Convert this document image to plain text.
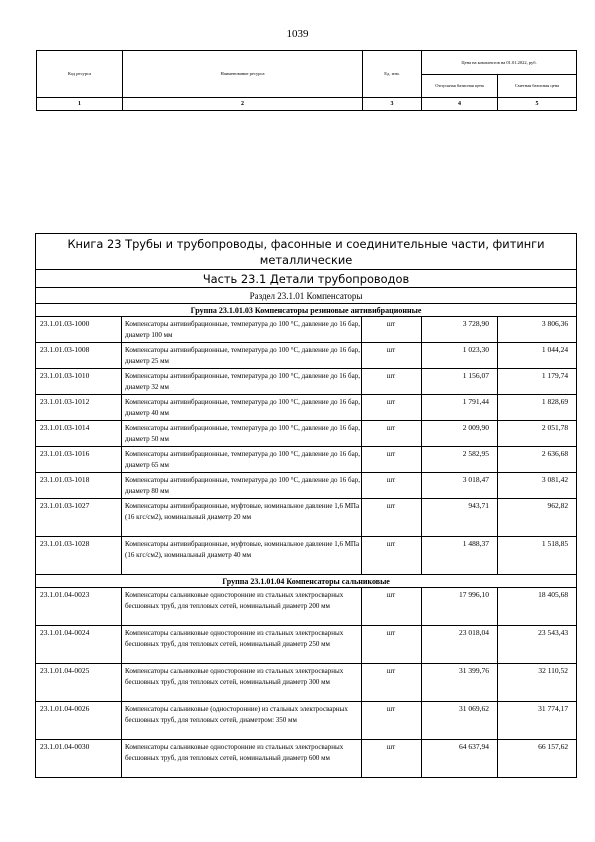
1039
Код ресурса	Наименование ресурса	Ед. изм.	Цена на комплектов на 01.01.2022, руб.	
			Отпускная базисная цена	Сметная базисная цена
1	2	3	4	5
Книга 23 Трубы и трубопроводы, фасонные и соединительные части, фитинги металлические				
Часть 23.1 Детали трубопроводов				
Раздел 23.1.01 Компенсаторы				
Группа 23.1.01.03 Компенсаторы резиновые антивибрационные				
23.1.01.03-1000	Компенсаторы антивибрационные, температура до 100 °С, давление до 16 бар, диаметр 100 мм	шт	3 728,90	3 806,36
23.1.01.03-1008	Компенсаторы антивибрационные, температура до 100 °С, давление до 16 бар, диаметр 25 мм	шт	1 023,30	1 044,24
23.1.01.03-1010	Компенсаторы антивибрационные, температура до 100 °С, давление до 16 бар, диаметр 32 мм	шт	1 156,07	1 179,74
23.1.01.03-1012	Компенсаторы антивибрационные, температура до 100 °С, давление до 16 бар, диаметр 40 мм	шт	1 791,44	1 828,69
23.1.01.03-1014	Компенсаторы антивибрационные, температура до 100 °С, давление до 16 бар, диаметр 50 мм	шт	2 009,90	2 051,78
23.1.01.03-1016	Компенсаторы антивибрационные, температура до 100 °С, давление до 16 бар, диаметр 65 мм	шт	2 582,95	2 636,68
23.1.01.03-1018	Компенсаторы антивибрационные, температура до 100 °С, давление до 16 бар, диаметр 80 мм	шт	3 018,47	3 081,42
23.1.01.03-1027	Компенсаторы антивибрационные, муфтовые, номинальное давление 1,6 МПа (16 кгс/см2), номинальный диаметр 20 мм	шт	943,71	962,82
23.1.01.03-1028	Компенсаторы антивибрационные, муфтовые, номинальное давление 1,6 МПа (16 кгс/см2), номинальный диаметр 40 мм	шт	1 488,37	1 518,85
Группа 23.1.01.04 Компенсаторы сальниковые				
23.1.01.04-0023	Компенсаторы сальниковые односторонние из стальных электросварных бесшовных труб, для тепловых сетей, номинальный диаметр 200 мм	шт	17 996,10	18 405,68
23.1.01.04-0024	Компенсаторы сальниковые односторонние из стальных электросварных бесшовных труб, для тепловых сетей, номинальный диаметр 250 мм	шт	23 018,04	23 543,43
23.1.01.04-0025	Компенсаторы сальниковые односторонние из стальных электросварных бесшовных труб, для тепловых сетей, номинальный диаметр 300 мм	шт	31 399,76	32 110,52
23.1.01.04-0026	Компенсаторы сальниковые (односторонние) из стальных электросварных бесшовных труб, для тепловых сетей, диаметром: 350 мм	шт	31 069,62	31 774,17
23.1.01.04-0030	Компенсаторы сальниковые односторонние из стальных электросварных бесшовных труб, для тепловых сетей, номинальный диаметр 600 мм	шт	64 637,94	66 157,62
